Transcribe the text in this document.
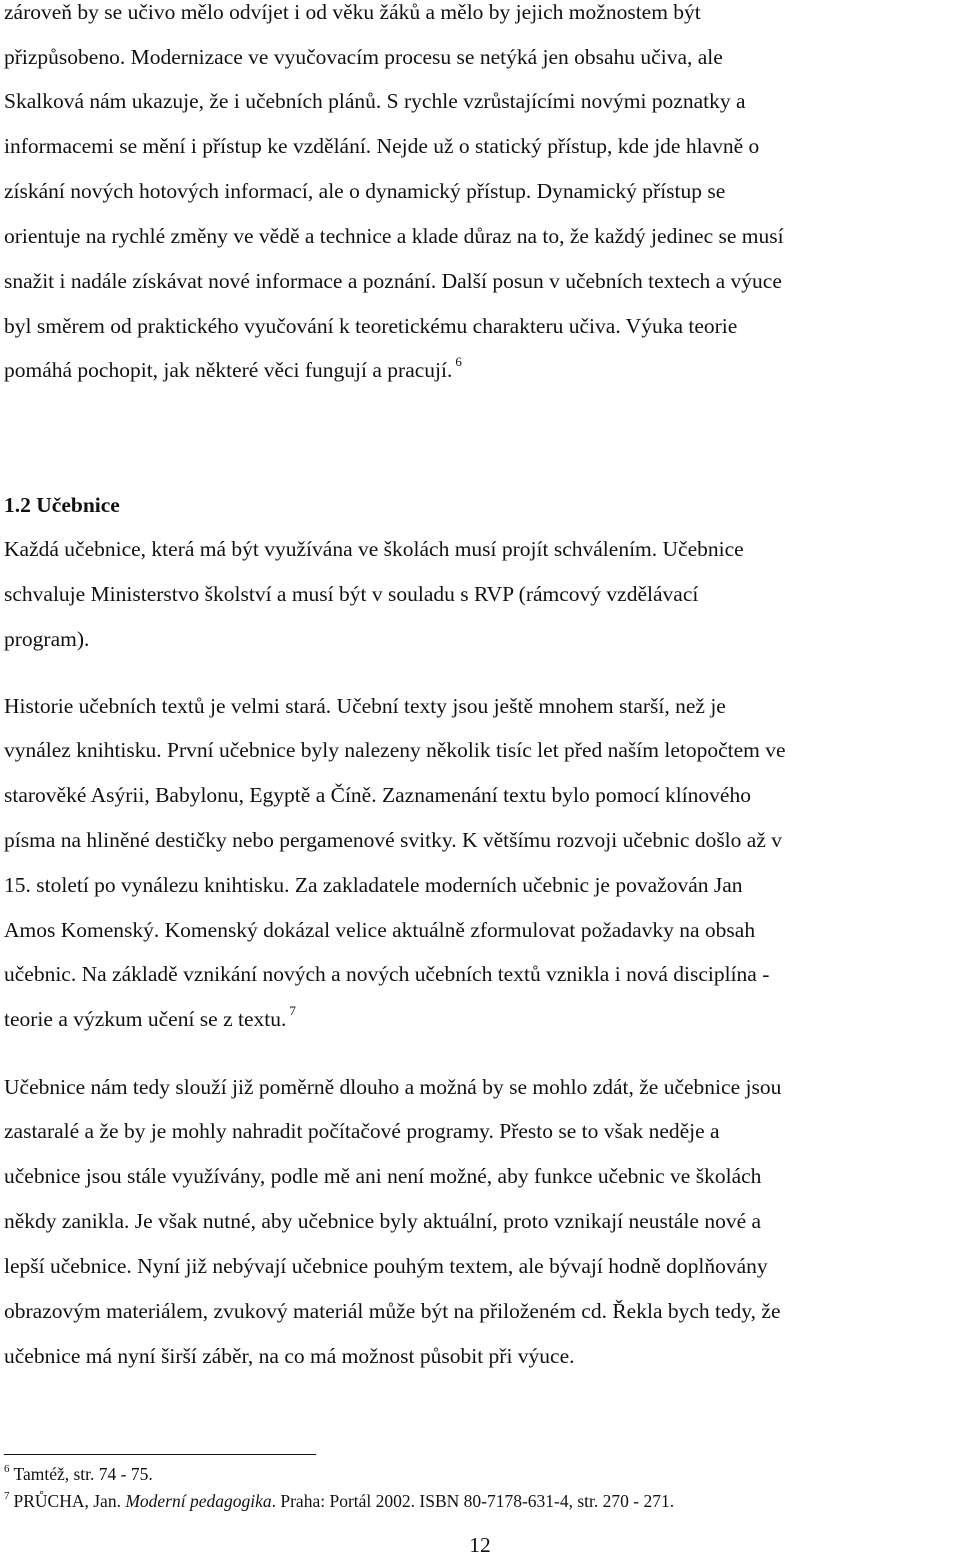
zároveň by se učivo mělo odvíjet i od věku žáků a mělo by jejich možnostem být
přizpůsobeno. Modernizace ve vyučovacím procesu se netýká jen obsahu učiva, ale
Skalková nám ukazuje, že i učebních plánů. S rychle vzrůstajícími novými poznatky a
informacemi se mění i přístup ke vzdělání. Nejde už o statický přístup, kde jde hlavně o
získání nových hotových informací, ale o dynamický přístup. Dynamický přístup se
orientuje na rychlé změny ve vědě a technice a klade důraz na to, že každý jedinec se musí
snažit i nadále získávat nové informace a poznání. Další posun v učebních textech a výuce
byl směrem od praktického vyučování k teoretickému charakteru učiva. Výuka teorie
pomáhá pochopit, jak některé věci fungují a pracují. $^6$
1.2 Učebnice
Každá učebnice, která má být využívána ve školách musí projít schválením. Učebnice
schvaluje Ministerstvo školství a musí být v souladu s RVP (rámcový vzdělávací
program).
Historie učebních textů je velmi stará. Učební texty jsou ještě mnohem starší, než je
vynález knihtisku. První učebnice byly nalezeny několik tisíc let před naším letopočtem ve
starověké Asýrii, Babylonu, Egyptě a Číně. Zaznamenání textu bylo pomocí klínového
písma na hliněné destičky nebo pergamenové svitky. K většímu rozvoji učebnic došlo až v
15. století po vynálezu knihtisku. Za zakladatele moderních učebnic je považován Jan
Amos Komenský. Komenský dokázal velice aktuálně zformulovat požadavky na obsah
učebnic. Na základě vznikání nových a nových učebních textů vznikla i nová disciplína -
teorie a výzkum učení se z textu. $^7$
Učebnice nám tedy slouží již poměrně dlouho a možná by se mohlo zdát, že učebnice jsou
zastaralé a že by je mohly nahradit počítačové programy. Přesto se to však neděje a
učebnice jsou stále využívány, podle mě ani není možné, aby funkce učebnic ve školách
někdy zanikla. Je však nutné, aby učebnice byly aktuální, proto vznikají neustále nové a
lepší učebnice. Nyní již nebývají učebnice pouhým textem, ale bývají hodně doplňovány
obrazovým materiálem, zvukový materiál může být na přiloženém cd. Řekla bych tedy, že
učebnice má nyní širší záběr, na co má možnost působit při výuce.
$^6$ Tamtéž, str. 74 - 75.
$^7$ PRŮCHA, Jan. Moderní pedagogika. Praha: Portál 2002. ISBN 80-7178-631-4, str. 270 - 271.
12
